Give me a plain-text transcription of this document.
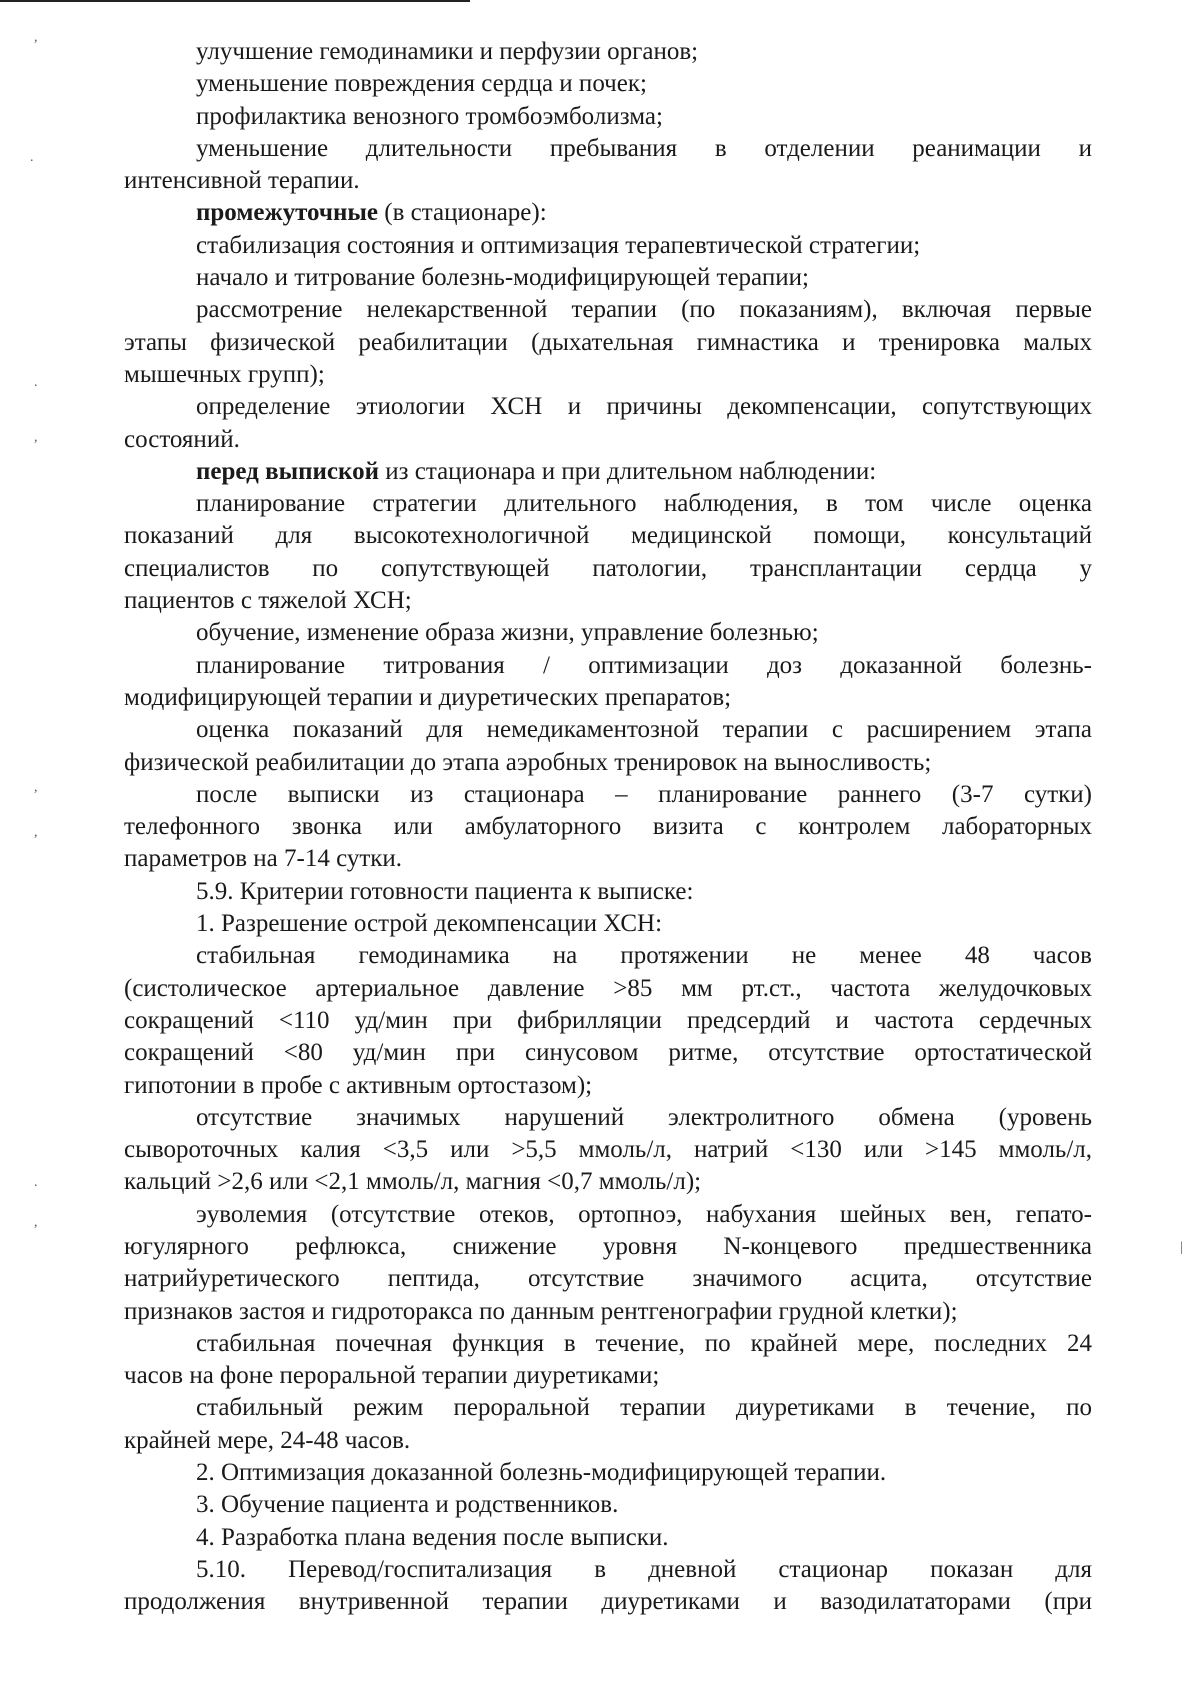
,
.
.
,
,
,
.
,
|
улучшение гемодинамики и перфузии органов;
уменьшение повреждения сердца и почек;
профилактика венозного тромбоэмболизма;
уменьшение длительности пребывания в отделении реанимации и
интенсивной терапии.
промежуточные (в стационаре):
стабилизация состояния и оптимизация терапевтической стратегии;
начало и титрование болезнь-модифицирующей терапии;
рассмотрение нелекарственной терапии (по показаниям), включая первые
этапы физической реабилитации (дыхательная гимнастика и тренировка малых
мышечных групп);
определение этиологии ХСН и причины декомпенсации, сопутствующих
состояний.
перед выпиской из стационара и при длительном наблюдении:
планирование стратегии длительного наблюдения, в том числе оценка
показаний для высокотехнологичной медицинской помощи, консультаций
специалистов по сопутствующей патологии, трансплантации сердца у
пациентов с тяжелой ХСН;
обучение, изменение образа жизни, управление болезнью;
планирование титрования / оптимизации доз доказанной болезнь-
модифицирующей терапии и диуретических препаратов;
оценка показаний для немедикаментозной терапии с расширением этапа
физической реабилитации до этапа аэробных тренировок на выносливость;
после выписки из стационара – планирование раннего (3-7 сутки)
телефонного звонка или амбулаторного визита с контролем лабораторных
параметров на 7-14 сутки.
5.9. Критерии готовности пациента к выписке:
1. Разрешение острой декомпенсации ХСН:
стабильная гемодинамика на протяжении не менее 48 часов
(систолическое артериальное давление >85 мм рт.ст., частота желудочковых
сокращений <110 уд/мин при фибрилляции предсердий и частота сердечных
сокращений <80 уд/мин при синусовом ритме, отсутствие ортостатической
гипотонии в пробе с активным ортостазом);
отсутствие значимых нарушений электролитного обмена (уровень
сывороточных калия <3,5 или >5,5 ммоль/л, натрий <130 или >145 ммоль/л,
кальций >2,6 или <2,1 ммоль/л, магния <0,7 ммоль/л);
эуволемия (отсутствие отеков, ортопноэ, набухания шейных вен, гепато-
югулярного рефлюкса, снижение уровня N-концевого предшественника
натрийуретического пептида, отсутствие значимого асцита, отсутствие
признаков застоя и гидроторакса по данным рентгенографии грудной клетки);
стабильная почечная функция в течение, по крайней мере, последних 24
часов на фоне пероральной терапии диуретиками;
стабильный режим пероральной терапии диуретиками в течение, по
крайней мере, 24-48 часов.
2. Оптимизация доказанной болезнь-модифицирующей терапии.
3. Обучение пациента и родственников.
4. Разработка плана ведения после выписки.
5.10. Перевод/госпитализация в дневной стационар показан для
продолжения внутривенной терапии диуретиками и вазодилататорами (при
